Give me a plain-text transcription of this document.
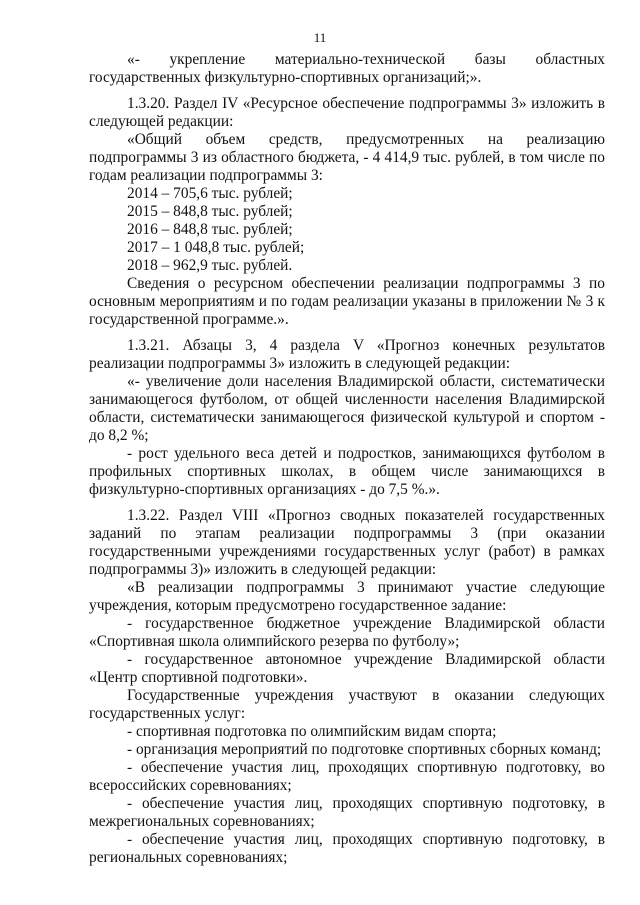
11

«- укрепление материально-технической базы областных государственных физкультурно-спортивных организаций;».

1.3.20. Раздел IV «Ресурсное обеспечение подпрограммы 3» изложить в следующей редакции:

«Общий объем средств, предусмотренных на реализацию подпрограммы 3 из областного бюджета, - 4 414,9 тыс. рублей, в том числе по годам реализации подпрограммы 3:

2014 – 705,6 тыс. рублей;

2015 – 848,8 тыс. рублей;

2016 – 848,8 тыс. рублей;

2017 – 1 048,8 тыс. рублей;

2018 – 962,9 тыс. рублей.

Сведения о ресурсном обеспечении реализации подпрограммы 3 по основным мероприятиям и по годам реализации указаны в приложении № 3 к государственной программе.».

1.3.21. Абзацы 3, 4 раздела V «Прогноз конечных результатов реализации подпрограммы 3» изложить в следующей редакции:

«- увеличение доли населения Владимирской области, систематически занимающегося футболом, от общей численности населения Владимирской области, систематически занимающегося физической культурой и спортом - до 8,2 %;

- рост удельного веса детей и подростков, занимающихся футболом в профильных спортивных школах, в общем числе занимающихся в физкультурно-спортивных организациях - до 7,5 %.».

1.3.22. Раздел VIII «Прогноз сводных показателей государственных заданий по этапам реализации подпрограммы 3 (при оказании государственными учреждениями государственных услуг (работ) в рамках подпрограммы 3)» изложить в следующей редакции:

«В реализации подпрограммы 3 принимают участие следующие учреждения, которым предусмотрено государственное задание:

- государственное бюджетное учреждение Владимирской области «Спортивная школа олимпийского резерва по футболу»;

- государственное автономное учреждение Владимирской области «Центр спортивной подготовки».

Государственные учреждения участвуют в оказании следующих государственных услуг:

- спортивная подготовка по олимпийским видам спорта;

- организация мероприятий по подготовке спортивных сборных команд;

- обеспечение участия лиц, проходящих спортивную подготовку, во всероссийских соревнованиях;

- обеспечение участия лиц, проходящих спортивную подготовку, в межрегиональных соревнованиях;

- обеспечение участия лиц, проходящих спортивную подготовку, в региональных соревнованиях;
